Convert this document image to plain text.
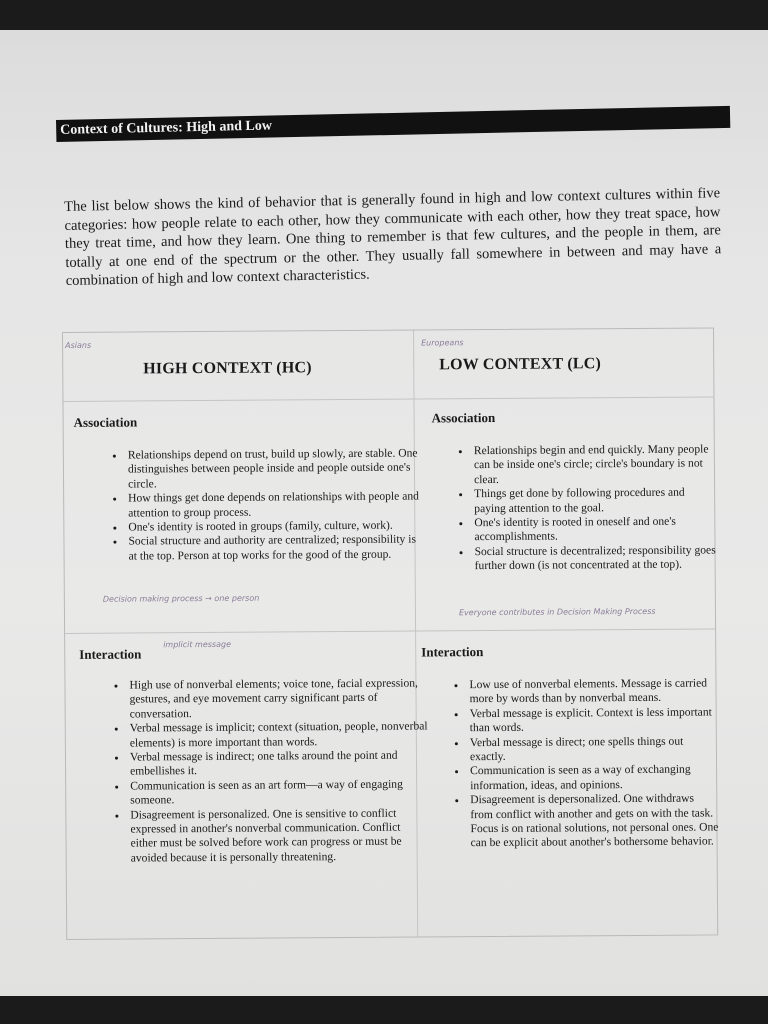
Context of Cultures: High and Low
The list below shows the kind of behavior that is generally found in high and low context cultures within five categories: how people relate to each other, how they communicate with each other, how they treat space, how they treat time, and how they learn. One thing to remember is that few cultures, and the people in them, are totally at one end of the spectrum or the other. They usually fall somewhere in between and may have a combination of high and low context characteristics.
Asians
HIGH CONTEXT (HC)
Europeans
LOW CONTEXT (LC)
Association
• Relationships depend on trust, build up slowly, are stable. One distinguishes between people inside and people outside one's circle.
• How things get done depends on relationships with people and attention to group process.
• One's identity is rooted in groups (family, culture, work).
• Social structure and authority are centralized; responsibility is at the top. Person at top works for the good of the group.
Decision making process → one person
Association
• Relationships begin and end quickly. Many people can be inside one's circle; circle's boundary is not clear.
• Things get done by following procedures and paying attention to the goal.
• One's identity is rooted in oneself and one's accomplishments.
• Social structure is decentralized; responsibility goes further down (is not concentrated at the top).
Everyone contributes in Decision Making Process
Interaction
implicit message
• High use of nonverbal elements; voice tone, facial expression, gestures, and eye movement carry significant parts of conversation.
• Verbal message is implicit; context (situation, people, nonverbal elements) is more important than words.
• Verbal message is indirect; one talks around the point and embellishes it.
• Communication is seen as an art form—a way of engaging someone.
• Disagreement is personalized. One is sensitive to conflict expressed in another's nonverbal communication. Conflict either must be solved before work can progress or must be avoided because it is personally threatening.
Interaction
• Low use of nonverbal elements. Message is carried more by words than by nonverbal means.
• Verbal message is explicit. Context is less important than words.
• Verbal message is direct; one spells things out exactly.
• Communication is seen as a way of exchanging information, ideas, and opinions.
• Disagreement is depersonalized. One withdraws from conflict with another and gets on with the task. Focus is on rational solutions, not personal ones. One can be explicit about another's bothersome behavior.
